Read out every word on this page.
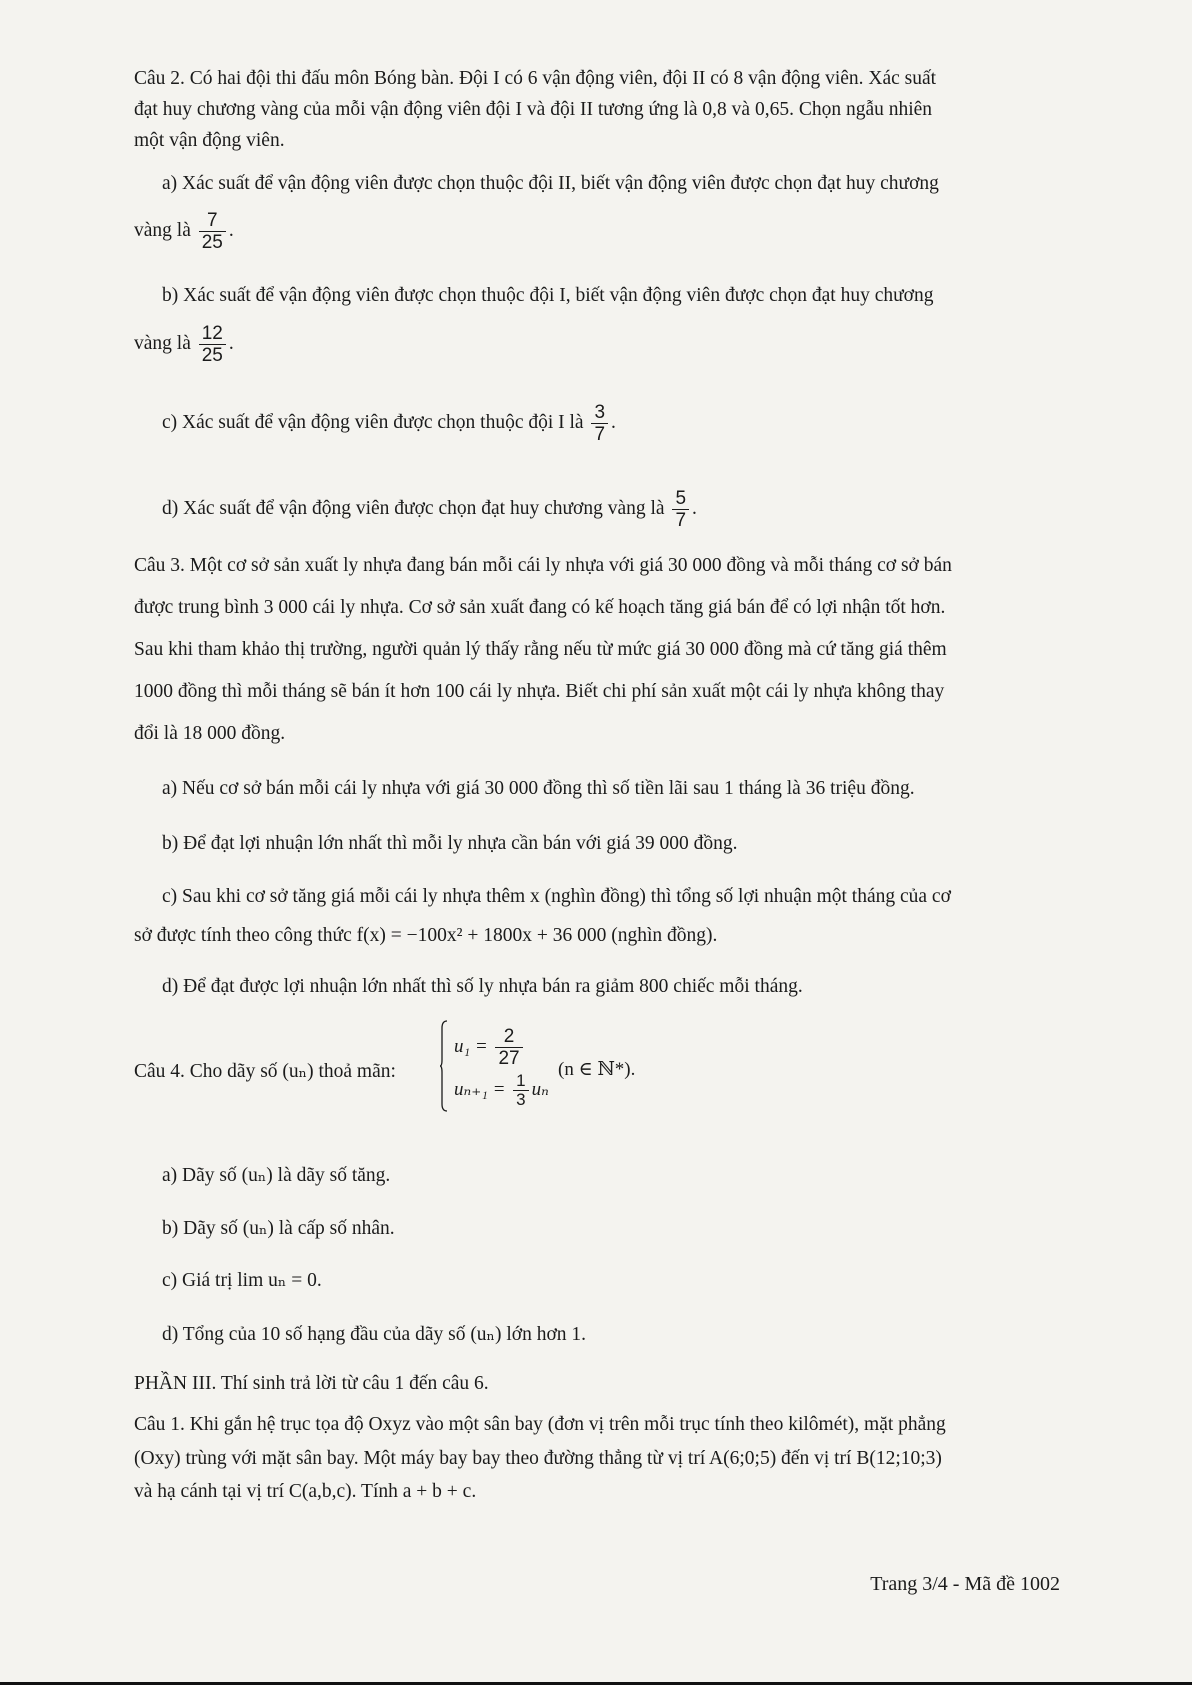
Câu 2. Có hai đội thi đấu môn Bóng bàn. Đội I có 6 vận động viên, đội II có 8 vận động viên. Xác suất
đạt huy chương vàng của mỗi vận động viên đội I và đội II tương ứng là 0,8 và 0,65. Chọn ngẫu nhiên
một vận động viên.
a) Xác suất để vận động viên được chọn thuộc đội II, biết vận động viên được chọn đạt huy chương
vàng là $\frac{7}{25}$ .
b) Xác suất để vận động viên được chọn thuộc đội I, biết vận động viên được chọn đạt huy chương
vàng là $\frac{12}{25}$ .
c) Xác suất để vận động viên được chọn thuộc đội I là $\frac{3}{7}$ .
d) Xác suất để vận động viên được chọn đạt huy chương vàng là $\frac{5}{7}$ .
Câu 3. Một cơ sở sản xuất ly nhựa đang bán mỗi cái ly nhựa với giá 30 000 đồng và mỗi tháng cơ sở bán
được trung bình 3 000 cái ly nhựa. Cơ sở sản xuất đang có kế hoạch tăng giá bán để có lợi nhận tốt hơn.
Sau khi tham khảo thị trường, người quản lý thấy rằng nếu từ mức giá 30 000 đồng mà cứ tăng giá thêm
1000 đồng thì mỗi tháng sẽ bán ít hơn 100 cái ly nhựa. Biết chi phí sản xuất một cái ly nhựa không thay
đổi là 18 000 đồng.
a) Nếu cơ sở bán mỗi cái ly nhựa với giá 30 000 đồng thì số tiền lãi sau 1 tháng là 36 triệu đồng.
b) Để đạt lợi nhuận lớn nhất thì mỗi ly nhựa cần bán với giá 39 000 đồng.
c) Sau khi cơ sở tăng giá mỗi cái ly nhựa thêm x (nghìn đồng) thì tổng số lợi nhuận một tháng của cơ
sở được tính theo công thức f(x) = −100x² + 1800x + 36 000 (nghìn đồng).
d) Để đạt được lợi nhuận lớn nhất thì số ly nhựa bán ra giảm 800 chiếc mỗi tháng.
Câu 4. Cho dãy số (uₙ) thoả mãn:
$u_1 = \frac{2}{27}$
$u_{n+1} = \frac{1}{3}$ uₙ
(n ∈ ℕ*).
a) Dãy số (uₙ) là dãy số tăng.
b) Dãy số (uₙ) là cấp số nhân.
c) Giá trị lim uₙ = 0.
d) Tổng của 10 số hạng đầu của dãy số (uₙ) lớn hơn 1.
PHẦN III. Thí sinh trả lời từ câu 1 đến câu 6.
Câu 1. Khi gắn hệ trục tọa độ Oxyz vào một sân bay (đơn vị trên mỗi trục tính theo kilômét), mặt phẳng
(Oxy) trùng với mặt sân bay. Một máy bay bay theo đường thẳng từ vị trí A(6;0;5) đến vị trí B(12;10;3)
và hạ cánh tại vị trí C(a,b,c). Tính a + b + c.
Trang 3/4 - Mã đề 1002
